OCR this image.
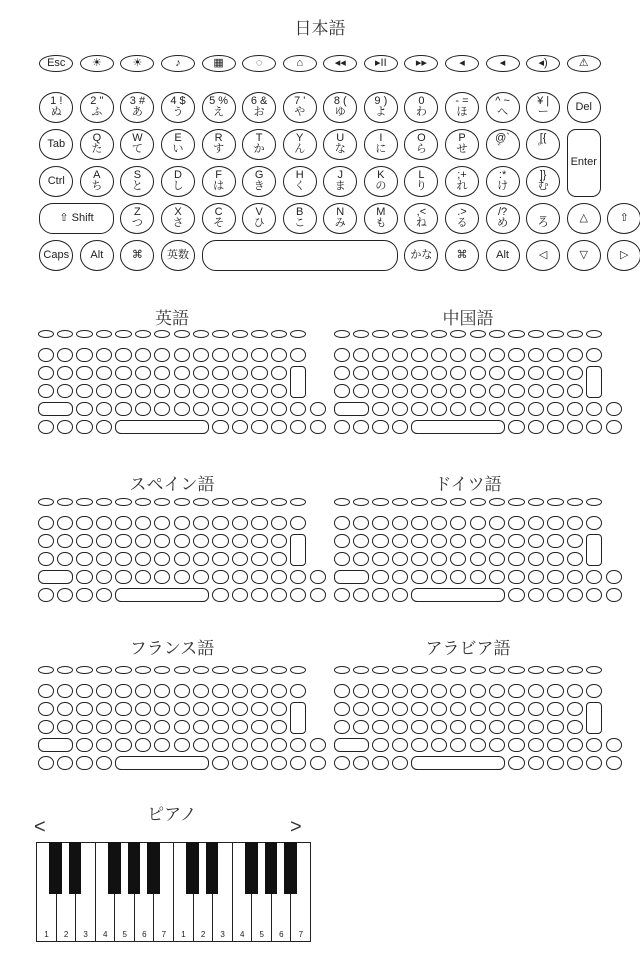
日本語
Esc	☀	☀	♪	▦	◌	⌂	◂◂	▸II	▸▸	◂	◂	◂)	⚠
1 !
ぬ
2 "
ふ
3 #
あ
4 $
う
5 %
え
6 &
お
7 '
や
8 (
ゆ
9 )
よ
0
わ
- =
ほ
^ ~
へ
¥ |
ー	Del
Tab	Q
た
W
て
E
い
R
す
T
か
Y
ん
U
な
I
に
O
ら
P
せ
@`
゛
[{
゜
Enter
Ctrl	A
ち
S
と
D
し
F
は
G
き
H
く
J
ま
K
の
L
り
;+
れ
:*
け
]}
む
⇧ Shift	Z
つ
X
さ
C
そ
V
ひ
B
こ
N
み
M
も
,<
ね
.>
る
/?
め
_
ろ	△	⇧
Caps	Alt	⌘	英数	かな	⌘	Alt	◁	▽	▷
英語	中国語
スペイン語	ドイツ語
フランス語	アラビア語
ピアノ
<	>
1	2	3	4	5	6	7	1	2	3	4	5	6	7
